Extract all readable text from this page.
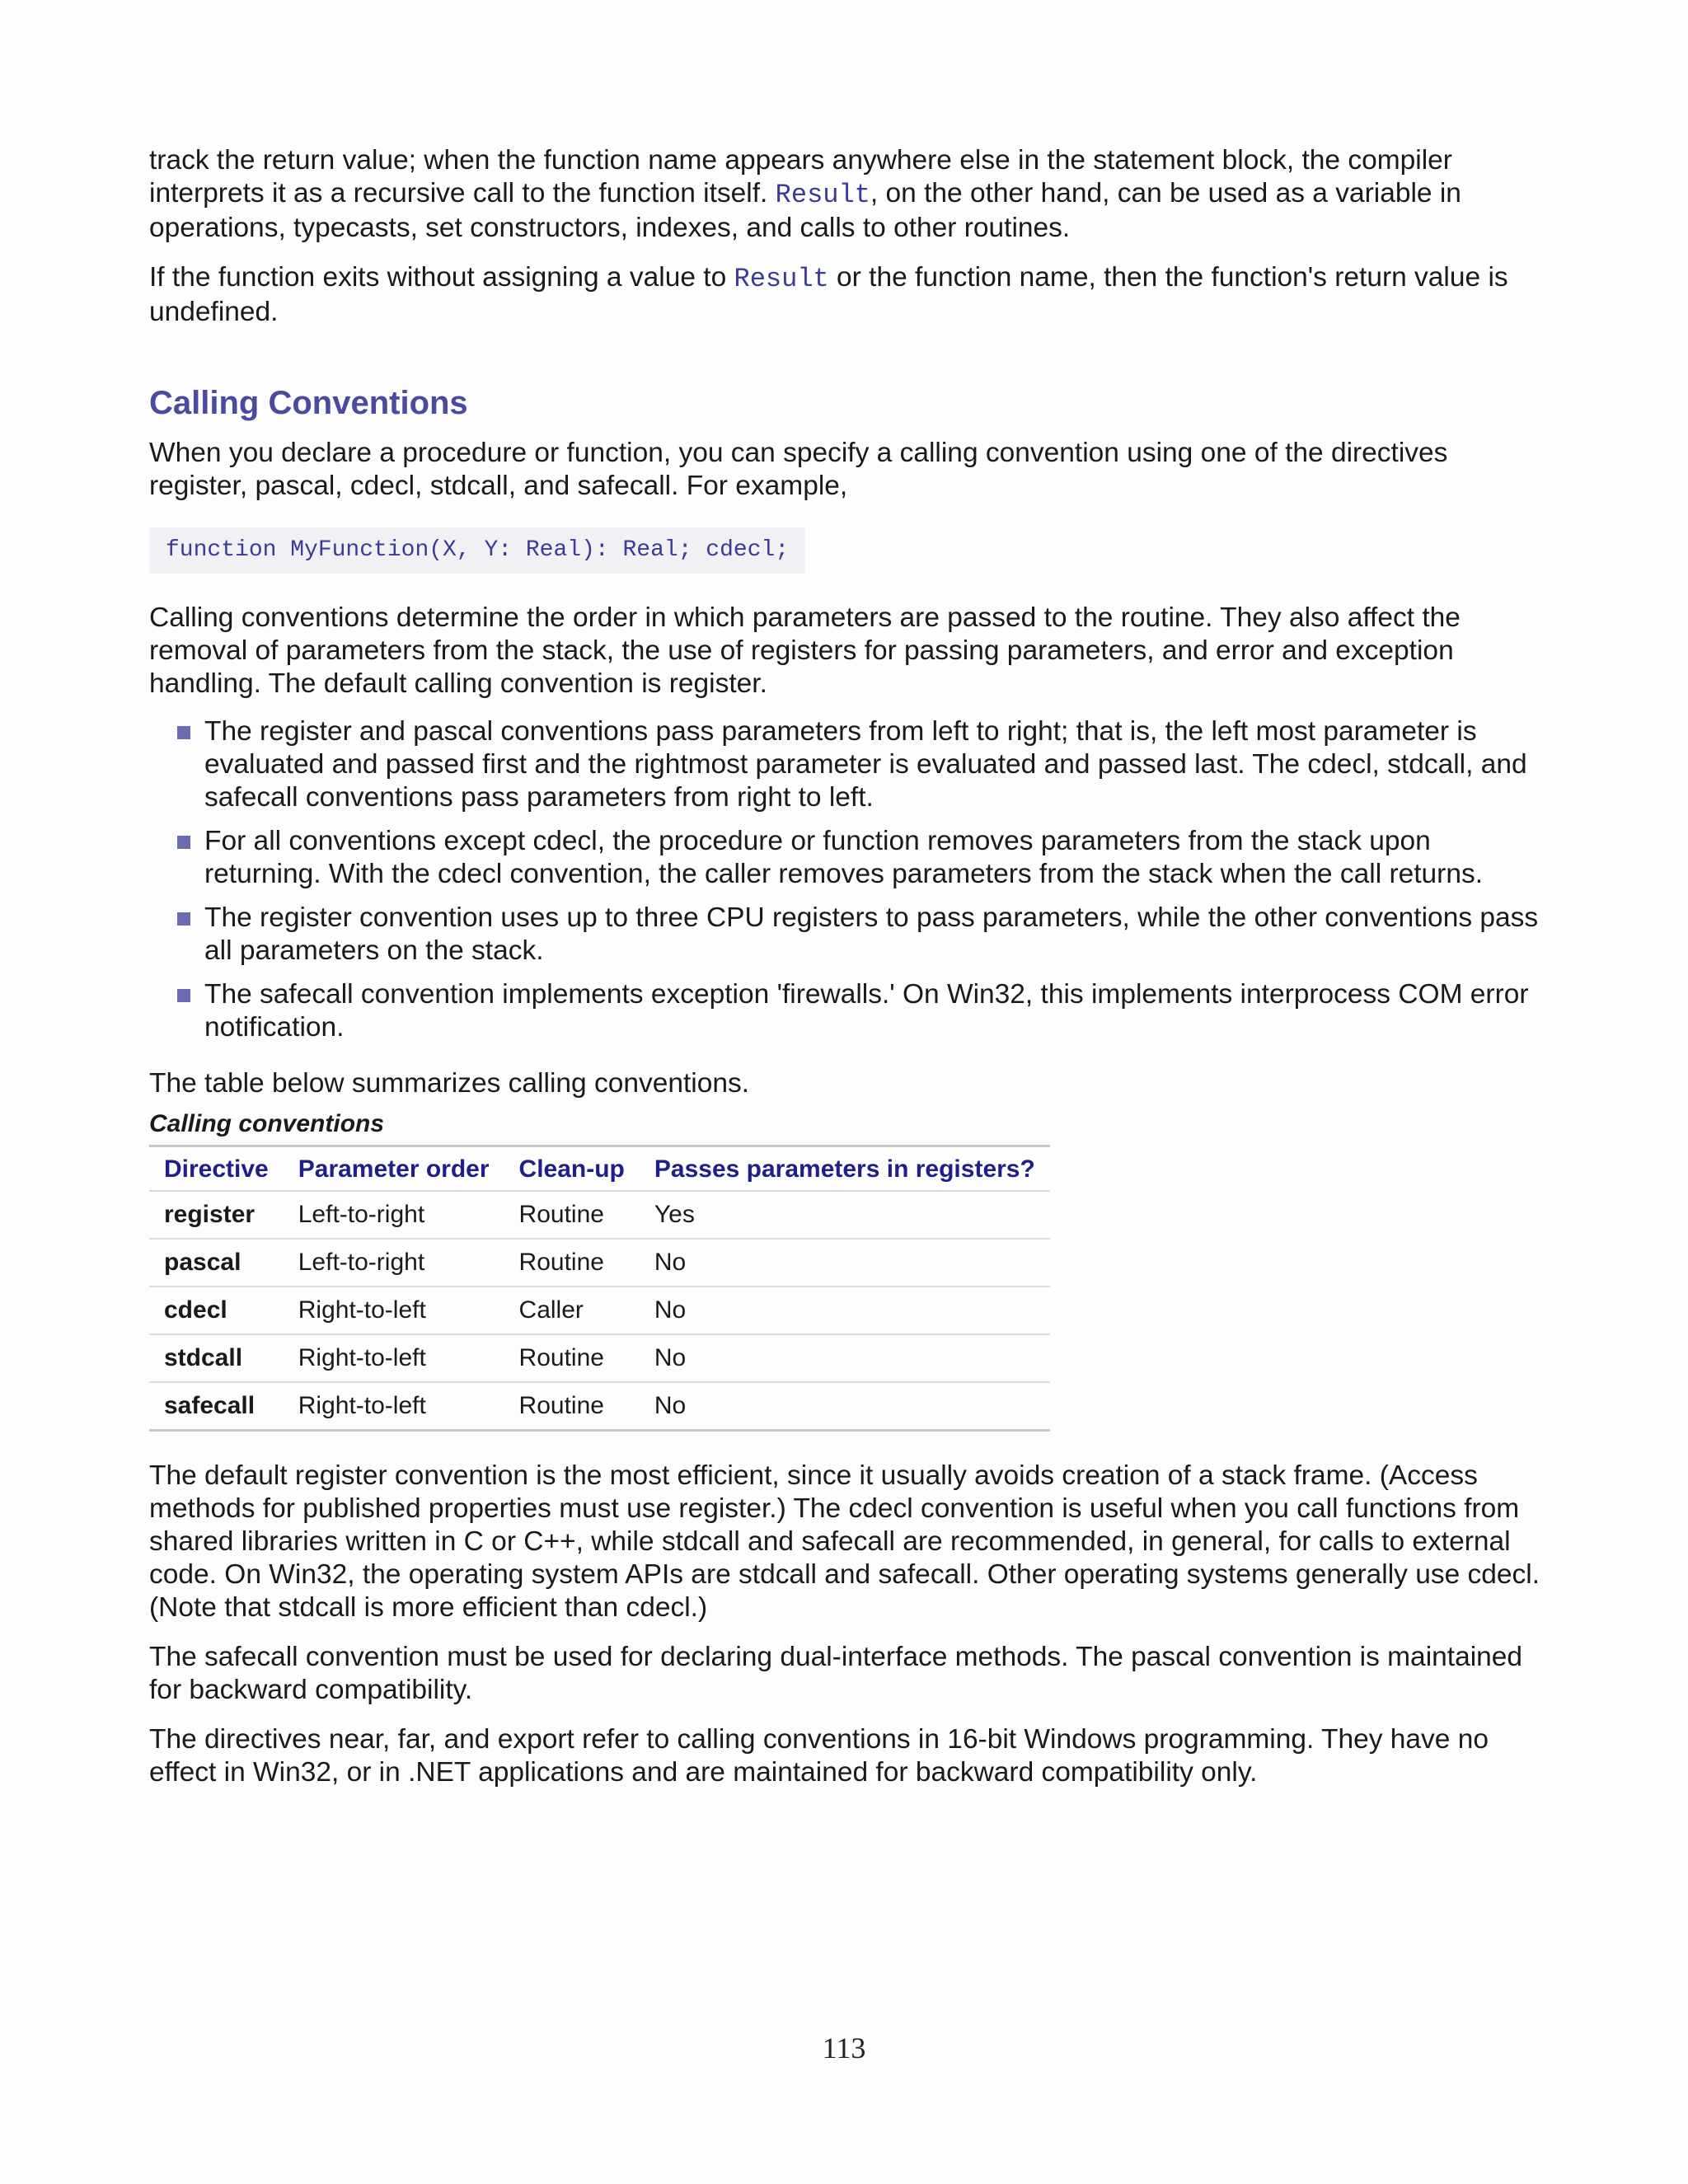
track the return value; when the function name appears anywhere else in the statement block, the compiler interprets it as a recursive call to the function itself. Result, on the other hand, can be used as a variable in operations, typecasts, set constructors, indexes, and calls to other routines.

If the function exits without assigning a value to Result or the function name, then the function's return value is undefined.

Calling Conventions

When you declare a procedure or function, you can specify a calling convention using one of the directives register, pascal, cdecl, stdcall, and safecall. For example,

function MyFunction(X, Y: Real): Real; cdecl;

Calling conventions determine the order in which parameters are passed to the routine. They also affect the removal of parameters from the stack, the use of registers for passing parameters, and error and exception handling. The default calling convention is register.

The register and pascal conventions pass parameters from left to right; that is, the left most parameter is evaluated and passed first and the rightmost parameter is evaluated and passed last. The cdecl, stdcall, and safecall conventions pass parameters from right to left.
For all conventions except cdecl, the procedure or function removes parameters from the stack upon returning. With the cdecl convention, the caller removes parameters from the stack when the call returns.
The register convention uses up to three CPU registers to pass parameters, while the other conventions pass all parameters on the stack.
The safecall convention implements exception 'firewalls.' On Win32, this implements interprocess COM error notification.

The table below summarizes calling conventions.

Calling conventions
Directive	Parameter order	Clean-up	Passes parameters in registers?
register	Left-to-right	Routine	Yes
pascal	Left-to-right	Routine	No
cdecl	Right-to-left	Caller	No
stdcall	Right-to-left	Routine	No
safecall	Right-to-left	Routine	No

The default register convention is the most efficient, since it usually avoids creation of a stack frame. (Access methods for published properties must use register.) The cdecl convention is useful when you call functions from shared libraries written in C or C++, while stdcall and safecall are recommended, in general, for calls to external code. On Win32, the operating system APIs are stdcall and safecall. Other operating systems generally use cdecl. (Note that stdcall is more efficient than cdecl.)

The safecall convention must be used for declaring dual-interface methods. The pascal convention is maintained for backward compatibility.

The directives near, far, and export refer to calling conventions in 16-bit Windows programming. They have no effect in Win32, or in .NET applications and are maintained for backward compatibility only.

113
